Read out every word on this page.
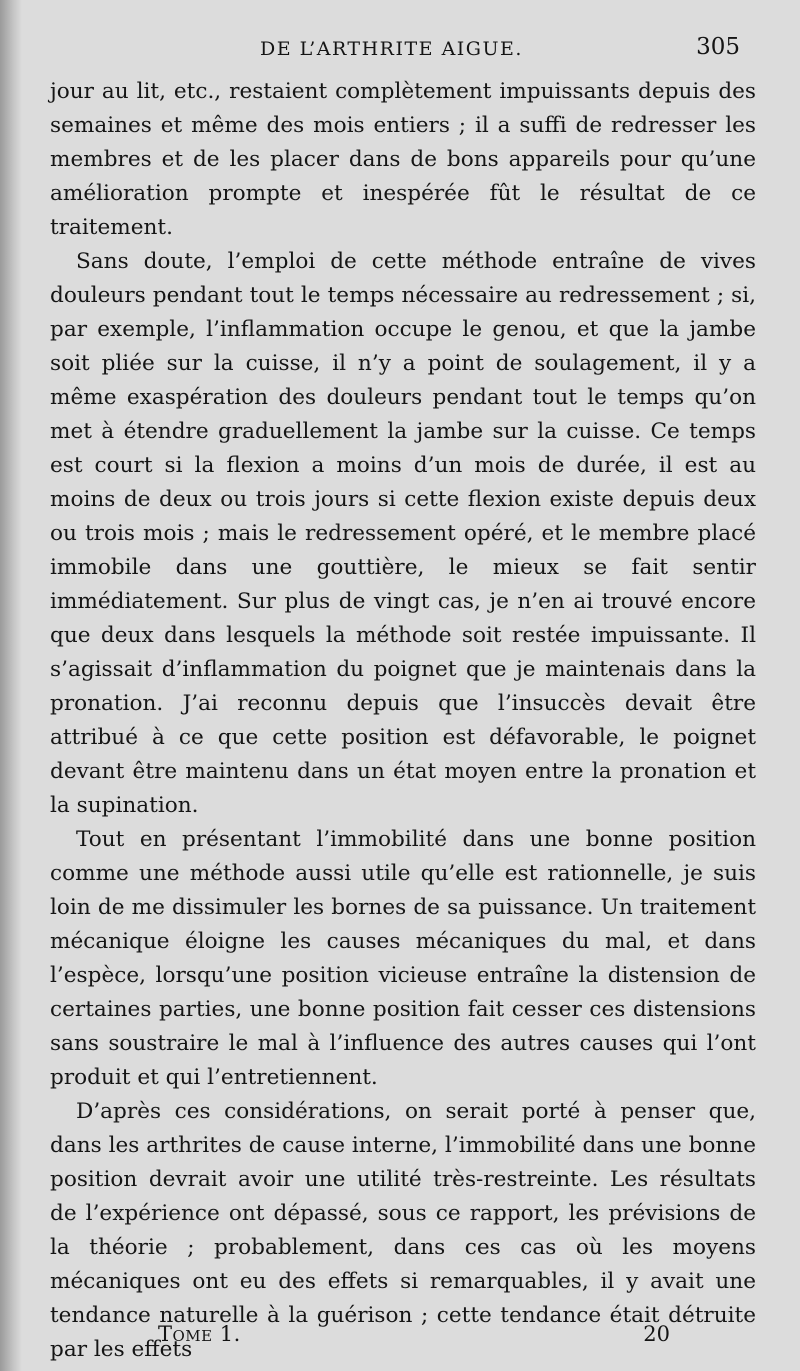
DE L’ARTHRITE AIGUE.	305

jour au lit, etc., restaient complètement impuissants depuis des semaines et même des mois entiers ; il a suffi de redresser les membres et de les placer dans de bons appareils pour qu’une amélioration prompte et inespérée fût le résultat de ce traitement.

Sans doute, l’emploi de cette méthode entraîne de vives douleurs pendant tout le temps nécessaire au redressement ; si, par exemple, l’inflammation occupe le genou, et que la jambe soit pliée sur la cuisse, il n’y a point de soulagement, il y a même exaspération des douleurs pendant tout le temps qu’on met à étendre graduellement la jambe sur la cuisse. Ce temps est court si la flexion a moins d’un mois de durée, il est au moins de deux ou trois jours si cette flexion existe depuis deux ou trois mois ; mais le redressement opéré, et le membre placé immobile dans une gouttière, le mieux se fait sentir immédiatement. Sur plus de vingt cas, je n’en ai trouvé encore que deux dans lesquels la méthode soit restée impuissante. Il s’agissait d’inflammation du poignet que je maintenais dans la pronation. J’ai reconnu depuis que l’insuccès devait être attribué à ce que cette position est défavorable, le poignet devant être maintenu dans un état moyen entre la pronation et la supination.

Tout en présentant l’immobilité dans une bonne position comme une méthode aussi utile qu’elle est rationnelle, je suis loin de me dissimuler les bornes de sa puissance. Un traitement mécanique éloigne les causes mécaniques du mal, et dans l’espèce, lorsqu’une position vicieuse entraîne la distension de certaines parties, une bonne position fait cesser ces distensions sans soustraire le mal à l’influence des autres causes qui l’ont produit et qui l’entretiennent.

D’après ces considérations, on serait porté à penser que, dans les arthrites de cause interne, l’immobilité dans une bonne position devrait avoir une utilité très-restreinte. Les résultats de l’expérience ont dépassé, sous ce rapport, les prévisions de la théorie ; probablement, dans ces cas où les moyens mécaniques ont eu des effets si remarquables, il y avait une tendance naturelle à la guérison ; cette tendance était détruite par les effets

Tome 1.	20
